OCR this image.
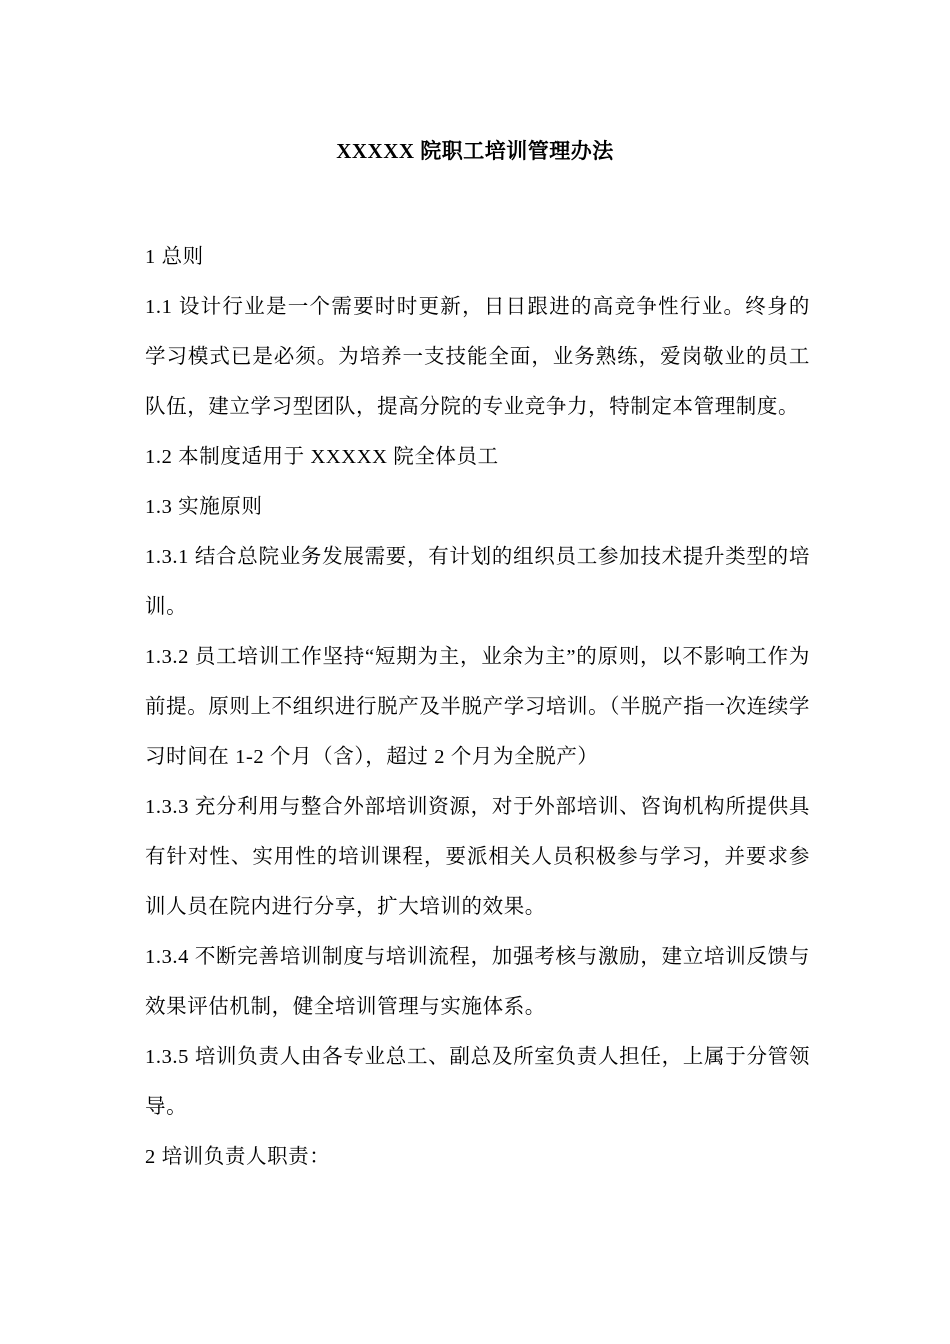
XXXXX 院职工培训管理办法

1 总则

1.1 设计行业是一个需要时时更新，日日跟进的高竞争性行业。终身的学习模式已是必须。为培养一支技能全面，业务熟练，爱岗敬业的员工队伍，建立学习型团队，提高分院的专业竞争力，特制定本管理制度。

1.2 本制度适用于 XXXXX 院全体员工

1.3 实施原则

1.3.1 结合总院业务发展需要，有计划的组织员工参加技术提升类型的培训。

1.3.2 员工培训工作坚持“短期为主，业余为主”的原则，以不影响工作为前提。原则上不组织进行脱产及半脱产学习培训。（半脱产指一次连续学习时间在 1-2 个月（含），超过 2 个月为全脱产）

1.3.3 充分利用与整合外部培训资源，对于外部培训、咨询机构所提供具有针对性、实用性的培训课程，要派相关人员积极参与学习，并要求参训人员在院内进行分享，扩大培训的效果。

1.3.4 不断完善培训制度与培训流程，加强考核与激励，建立培训反馈与效果评估机制，健全培训管理与实施体系。

1.3.5 培训负责人由各专业总工、副总及所室负责人担任，上属于分管领导。

2 培训负责人职责：
